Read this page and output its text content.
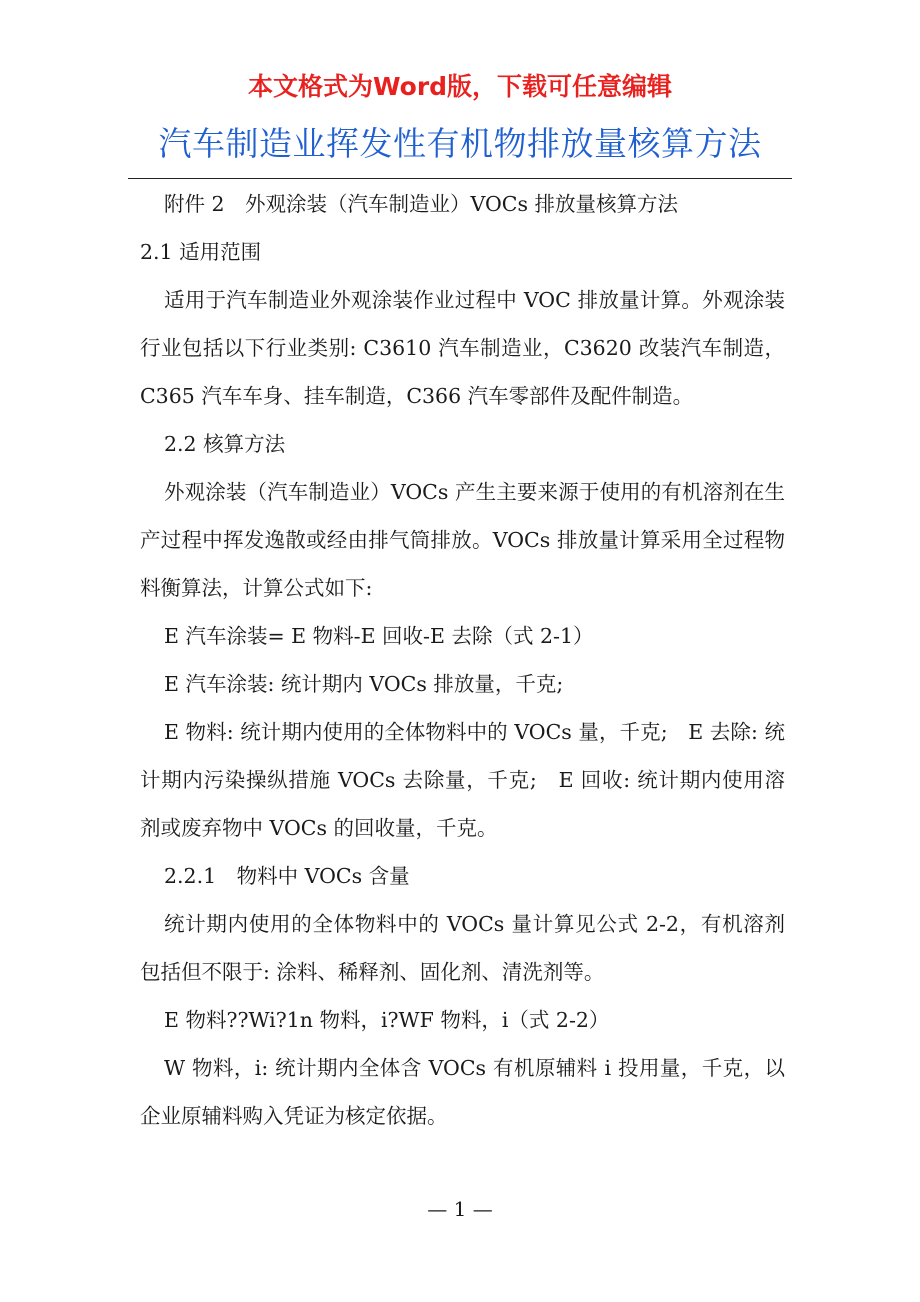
本文格式为Word版，下载可任意编辑

汽车制造业挥发性有机物排放量核算方法

附件 2　外观涂装（汽车制造业）VOCs 排放量核算方法

2.1 适用范围

适用于汽车制造业外观涂装作业过程中 VOC 排放量计算。外观涂装行业包括以下行业类别: C3610 汽车制造业，C3620 改装汽车制造，C365 汽车车身、挂车制造，C366 汽车零部件及配件制造。

2.2 核算方法

外观涂装（汽车制造业）VOCs 产生主要来源于使用的有机溶剂在生产过程中挥发逸散或经由排气筒排放。VOCs 排放量计算采用全过程物料衡算法，计算公式如下:

E 汽车涂装= E 物料-E 回收-E 去除（式 2-1）

E 汽车涂装: 统计期内 VOCs 排放量，千克;

E 物料: 统计期内使用的全体物料中的 VOCs 量，千克;　E 去除: 统计期内污染操纵措施 VOCs 去除量，千克;　E 回收: 统计期内使用溶剂或废弃物中 VOCs 的回收量，千克。

2.2.1　物料中 VOCs 含量

统计期内使用的全体物料中的 VOCs 量计算见公式 2-2，有机溶剂包括但不限于: 涂料、稀释剂、固化剂、清洗剂等。

E 物料??Wi?1n 物料，i?WF 物料，i（式 2-2）

W 物料，i: 统计期内全体含 VOCs 有机原辅料 i 投用量，千克，以企业原辅料购入凭证为核定依据。

— 1 —
